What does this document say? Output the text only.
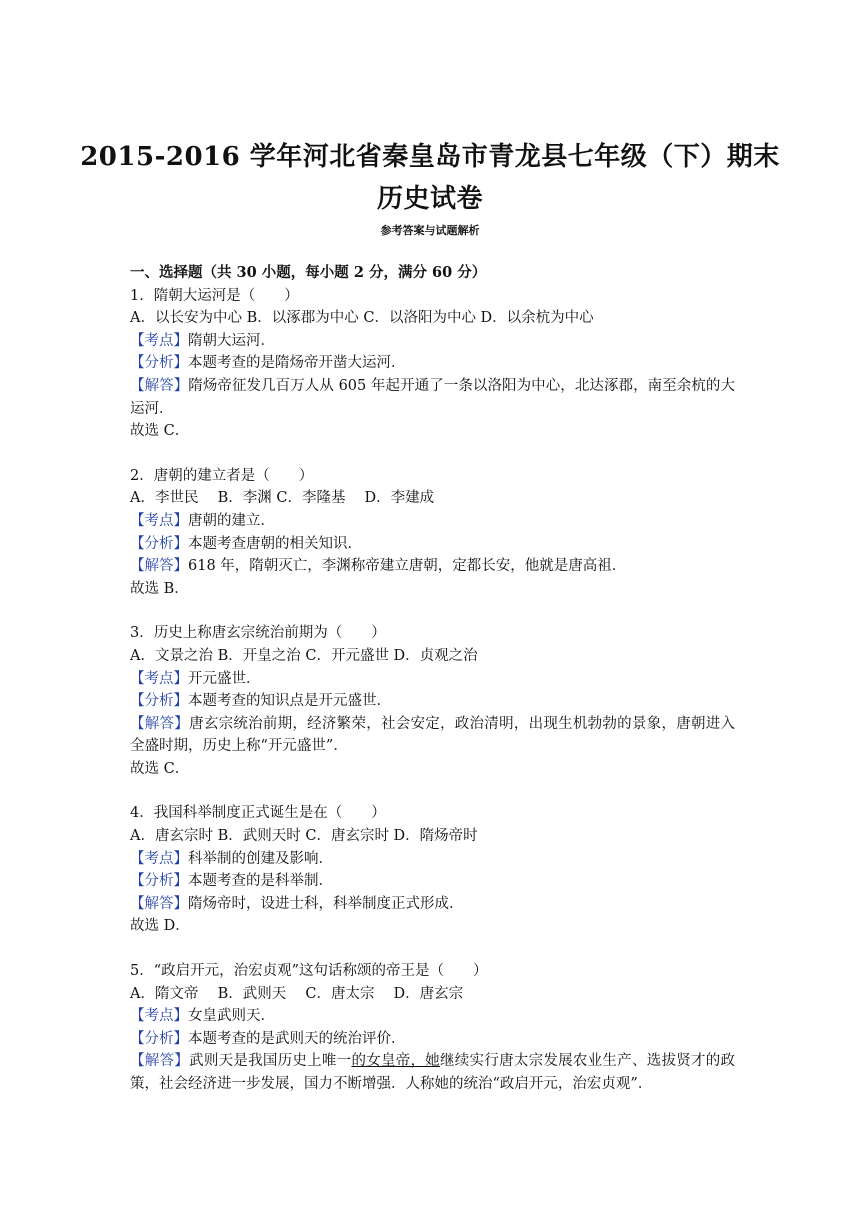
2015-2016 学年河北省秦皇岛市青龙县七年级（下）期末
历史试卷
参考答案与试题解析
一、选择题（共 30 小题，每小题 2 分，满分 60 分）
1．隋朝大运河是（　　）
A．以长安为中心 B．以涿郡为中心 C．以洛阳为中心 D．以余杭为中心
【考点】隋朝大运河．
【分析】本题考查的是隋炀帝开凿大运河．
【解答】隋炀帝征发几百万人从 605 年起开通了一条以洛阳为中心，北达涿郡，南至余杭的大运河．
故选 C．
2．唐朝的建立者是（　　）
A．李世民　 B．李渊 C．李隆基　 D．李建成
【考点】唐朝的建立．
【分析】本题考查唐朝的相关知识．
【解答】618 年，隋朝灭亡，李渊称帝建立唐朝，定都长安，他就是唐高祖．
故选 B．
3．历史上称唐玄宗统治前期为（　　）
A．文景之治 B．开皇之治 C．开元盛世 D．贞观之治
【考点】开元盛世．
【分析】本题考查的知识点是开元盛世．
【解答】唐玄宗统治前期，经济繁荣，社会安定，政治清明，出现生机勃勃的景象，唐朝进入全盛时期，历史上称“开元盛世”．
故选 C．
4．我国科举制度正式诞生是在（　　）
A．唐玄宗时 B．武则天时 C．唐玄宗时 D．隋炀帝时
【考点】科举制的创建及影响．
【分析】本题考查的是科举制．
【解答】隋炀帝时，设进士科，科举制度正式形成．
故选 D．
5．“政启开元，治宏贞观”这句话称颂的帝王是（　　）
A．隋文帝　 B．武则天　 C．唐太宗　 D．唐玄宗
【考点】女皇武则天．
【分析】本题考查的是武则天的统治评价．
【解答】武则天是我国历史上唯一的女皇帝，她继续实行唐太宗发展农业生产、选拔贤才的政策，社会经济进一步发展，国力不断增强．人称她的统治“政启开元，治宏贞观”．
